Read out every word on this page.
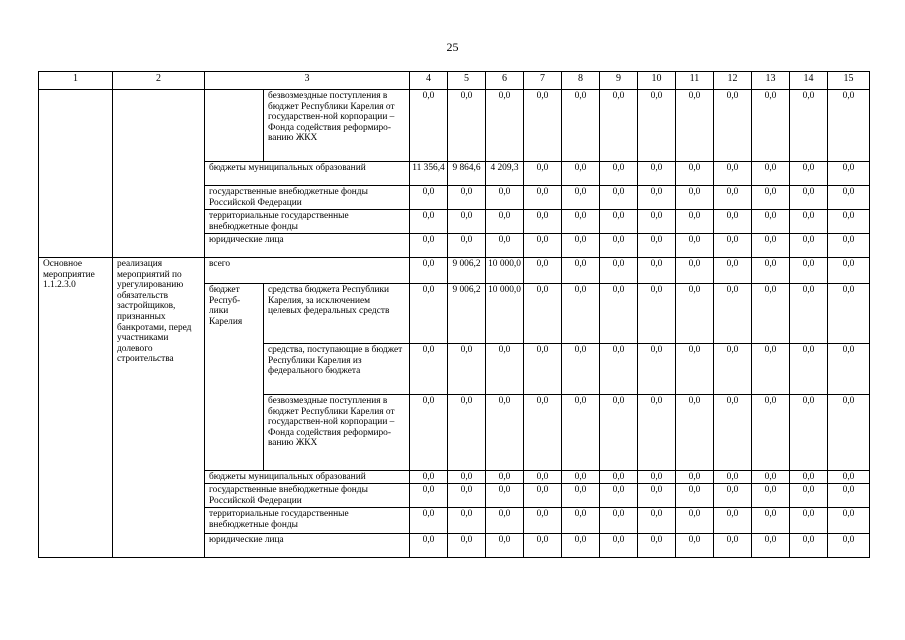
25
1	2	3		4	5	6	7	8	9	10	11	12	13	14	15
			безвозмездные поступления в бюджет Республики Карелия от государствен-ной корпорации – Фонда содействия реформиро-ванию ЖКХ	0,0	0,0	0,0	0,0	0,0	0,0	0,0	0,0	0,0	0,0	0,0	0,0
		бюджеты муниципальных образований		11 356,4	9 864,6	4 209,3	0,0	0,0	0,0	0,0	0,0	0,0	0,0	0,0	0,0
		государственные внебюджетные фонды Российской Федерации		0,0	0,0	0,0	0,0	0,0	0,0	0,0	0,0	0,0	0,0	0,0	0,0
		территориальные государственные внебюджетные фонды		0,0	0,0	0,0	0,0	0,0	0,0	0,0	0,0	0,0	0,0	0,0	0,0
		юридические лица		0,0	0,0	0,0	0,0	0,0	0,0	0,0	0,0	0,0	0,0	0,0	0,0
Основное мероприятие 1.1.2.3.0	реализация мероприятий по урегулированию обязательств застройщиков, признанных банкротами, перед участниками долевого строительства	всего		0,0	9 006,2	10 000,0	0,0	0,0	0,0	0,0	0,0	0,0	0,0	0,0	0,0
		бюджет Респуб-лики Карелия	средства бюджета Республики Карелия, за исключением целевых федеральных средств	0,0	9 006,2	10 000,0	0,0	0,0	0,0	0,0	0,0	0,0	0,0	0,0	0,0
			средства, поступающие в бюджет Республики Карелия из федерального бюджета	0,0	0,0	0,0	0,0	0,0	0,0	0,0	0,0	0,0	0,0	0,0	0,0
			безвозмездные поступления в бюджет Республики Карелия от государствен-ной корпорации – Фонда содействия реформиро-ванию ЖКХ	0,0	0,0	0,0	0,0	0,0	0,0	0,0	0,0	0,0	0,0	0,0	0,0
		бюджеты муниципальных образований		0,0	0,0	0,0	0,0	0,0	0,0	0,0	0,0	0,0	0,0	0,0	0,0
		государственные внебюджетные фонды Российской Федерации		0,0	0,0	0,0	0,0	0,0	0,0	0,0	0,0	0,0	0,0	0,0	0,0
		территориальные государственные внебюджетные фонды		0,0	0,0	0,0	0,0	0,0	0,0	0,0	0,0	0,0	0,0	0,0	0,0
		юридические лица		0,0	0,0	0,0	0,0	0,0	0,0	0,0	0,0	0,0	0,0	0,0	0,0
